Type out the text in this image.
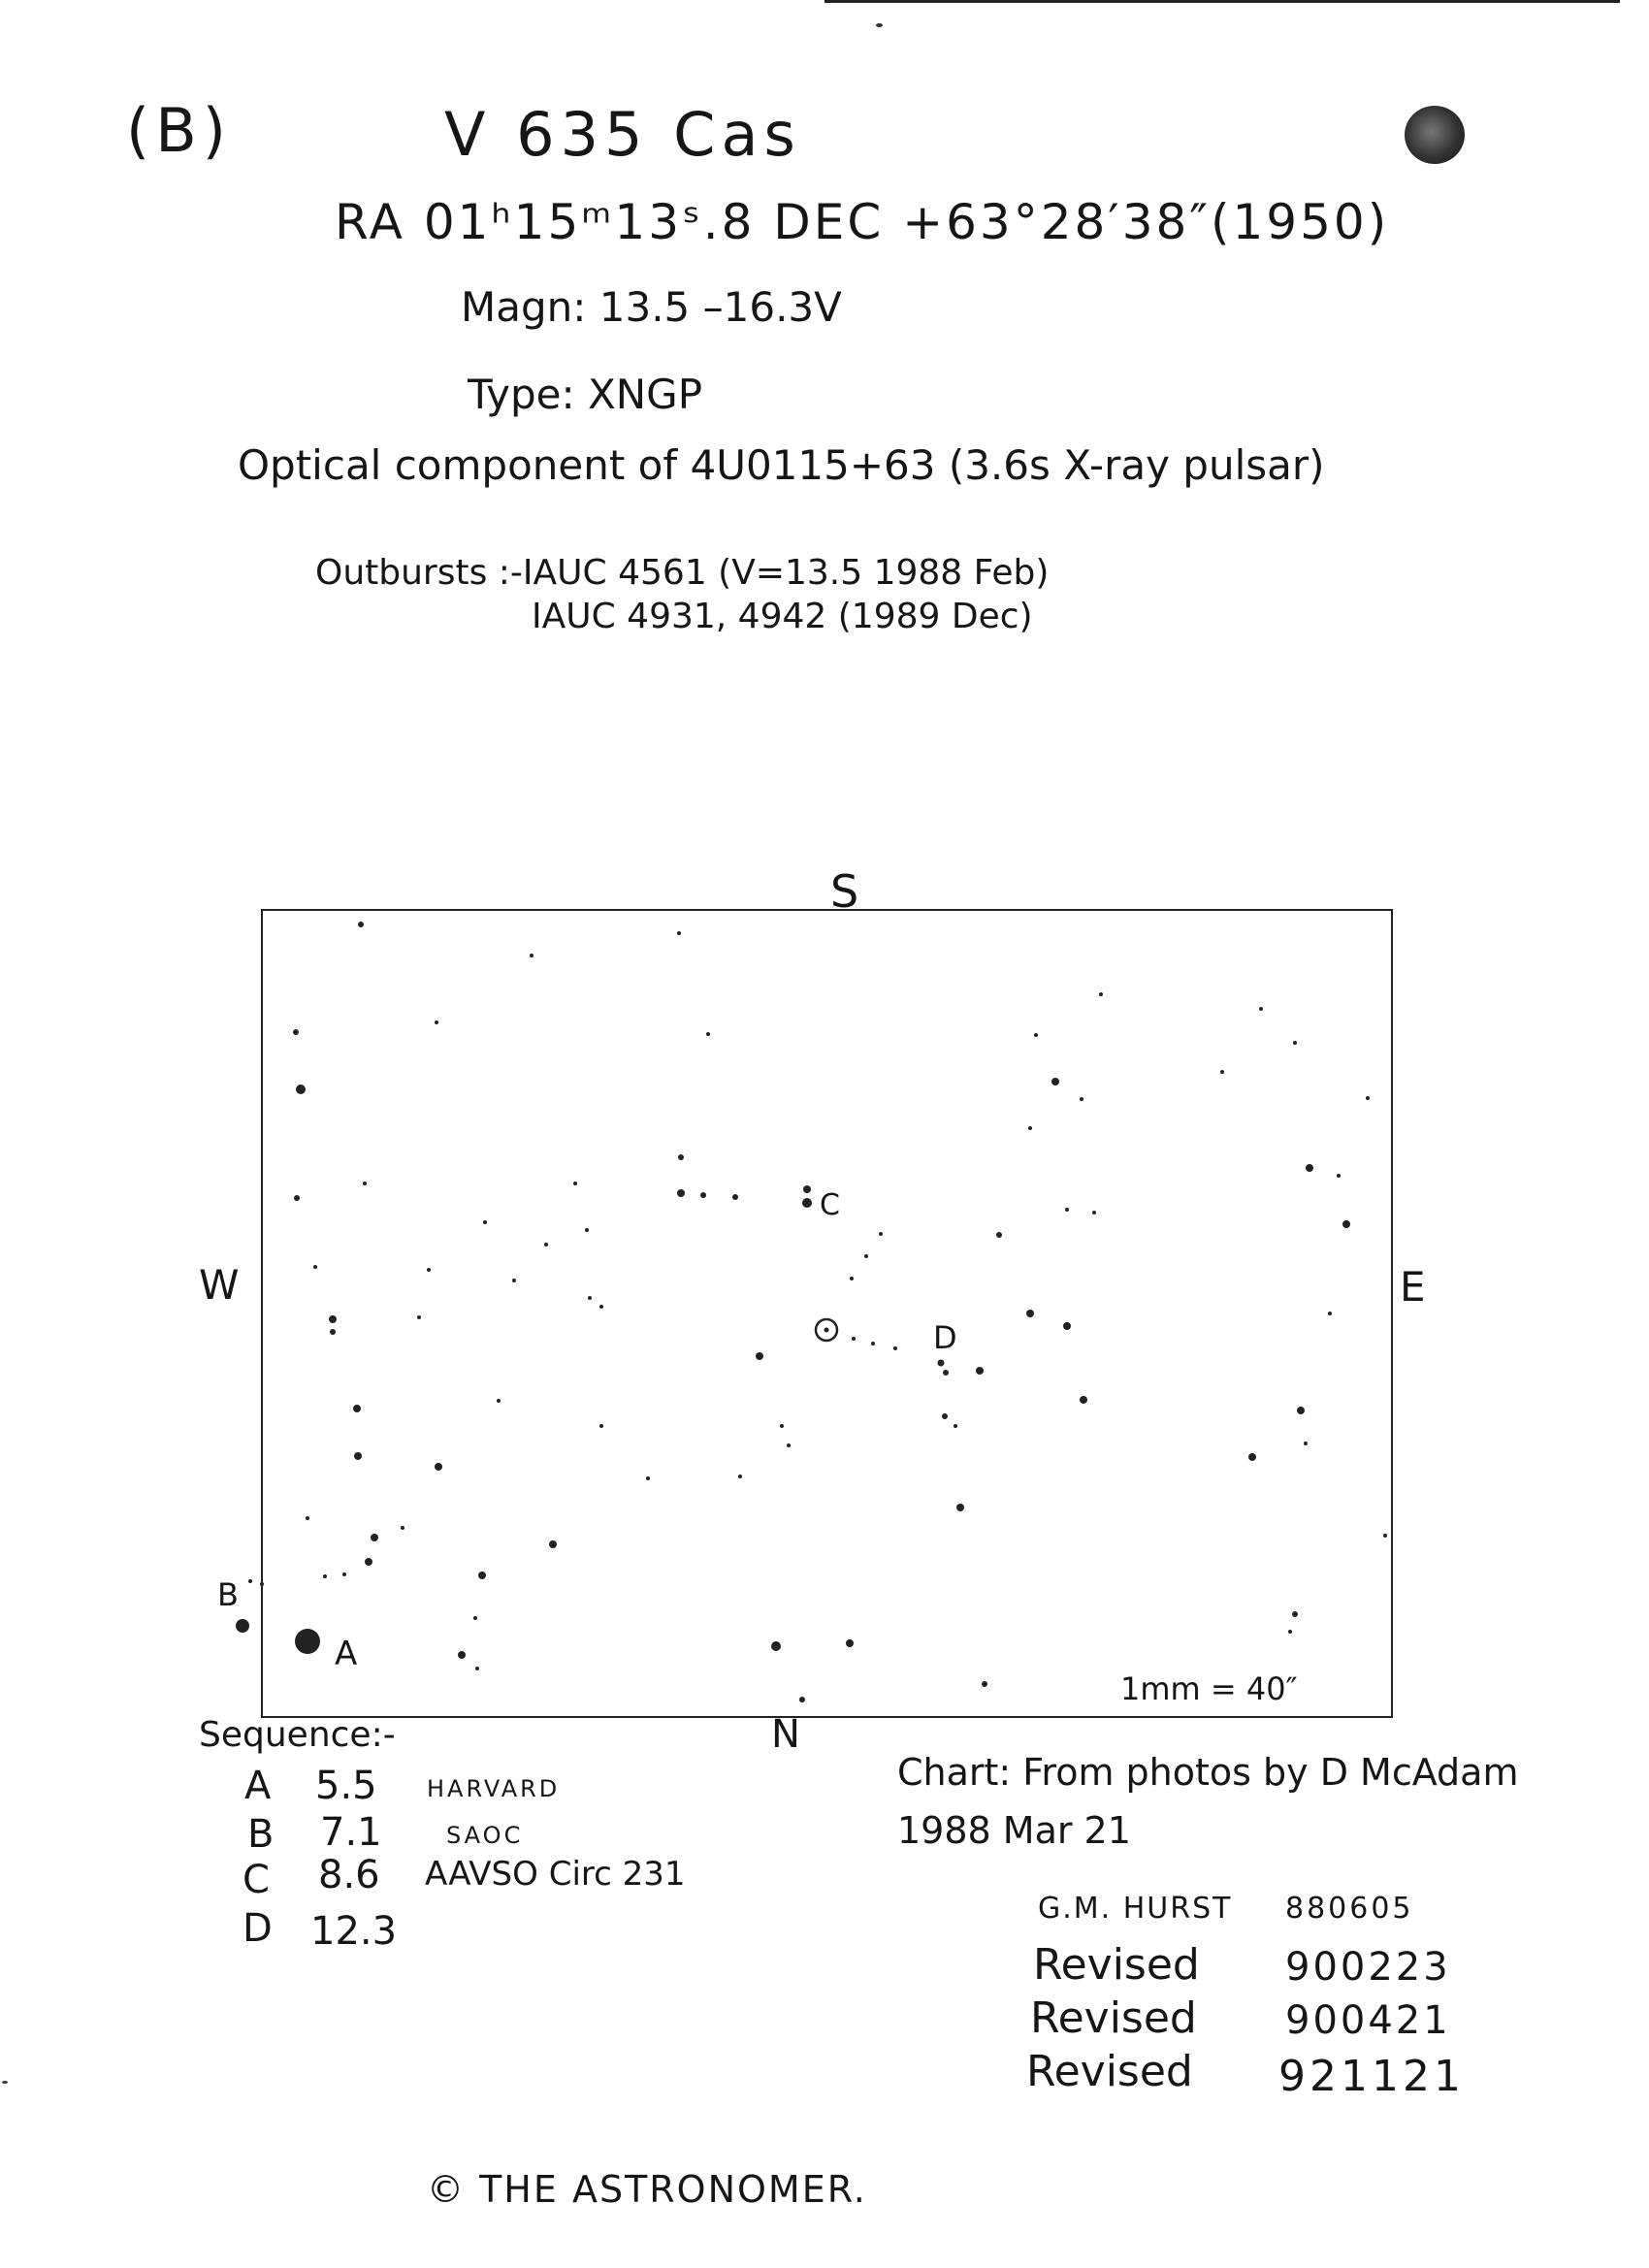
(B)	V 635 Cas
RA 01ʰ15ᵐ13ˢ.8 DEC +63°28′38″(1950)
Magn: 13.5 –16.3V
Type: XNGP
Optical component of 4U0115+63 (3.6s X-ray pulsar)
Outbursts :-IAUC 4561 (V=13.5 1988 Feb)
IAUC 4931, 4942 (1989 Dec)
S
N
W	E
A
B
C
D
1mm = 40″
Sequence:-
A 5.5 HARVARD
B 7.1	SAOC
C 8.6 AAVSO Circ 231
D 12.3
Chart: From photos by D McAdam
1988 Mar 21
G.M. HURST 880605
Revised 900223
Revised 900421
Revised 921121
© THE ASTRONOMER.
